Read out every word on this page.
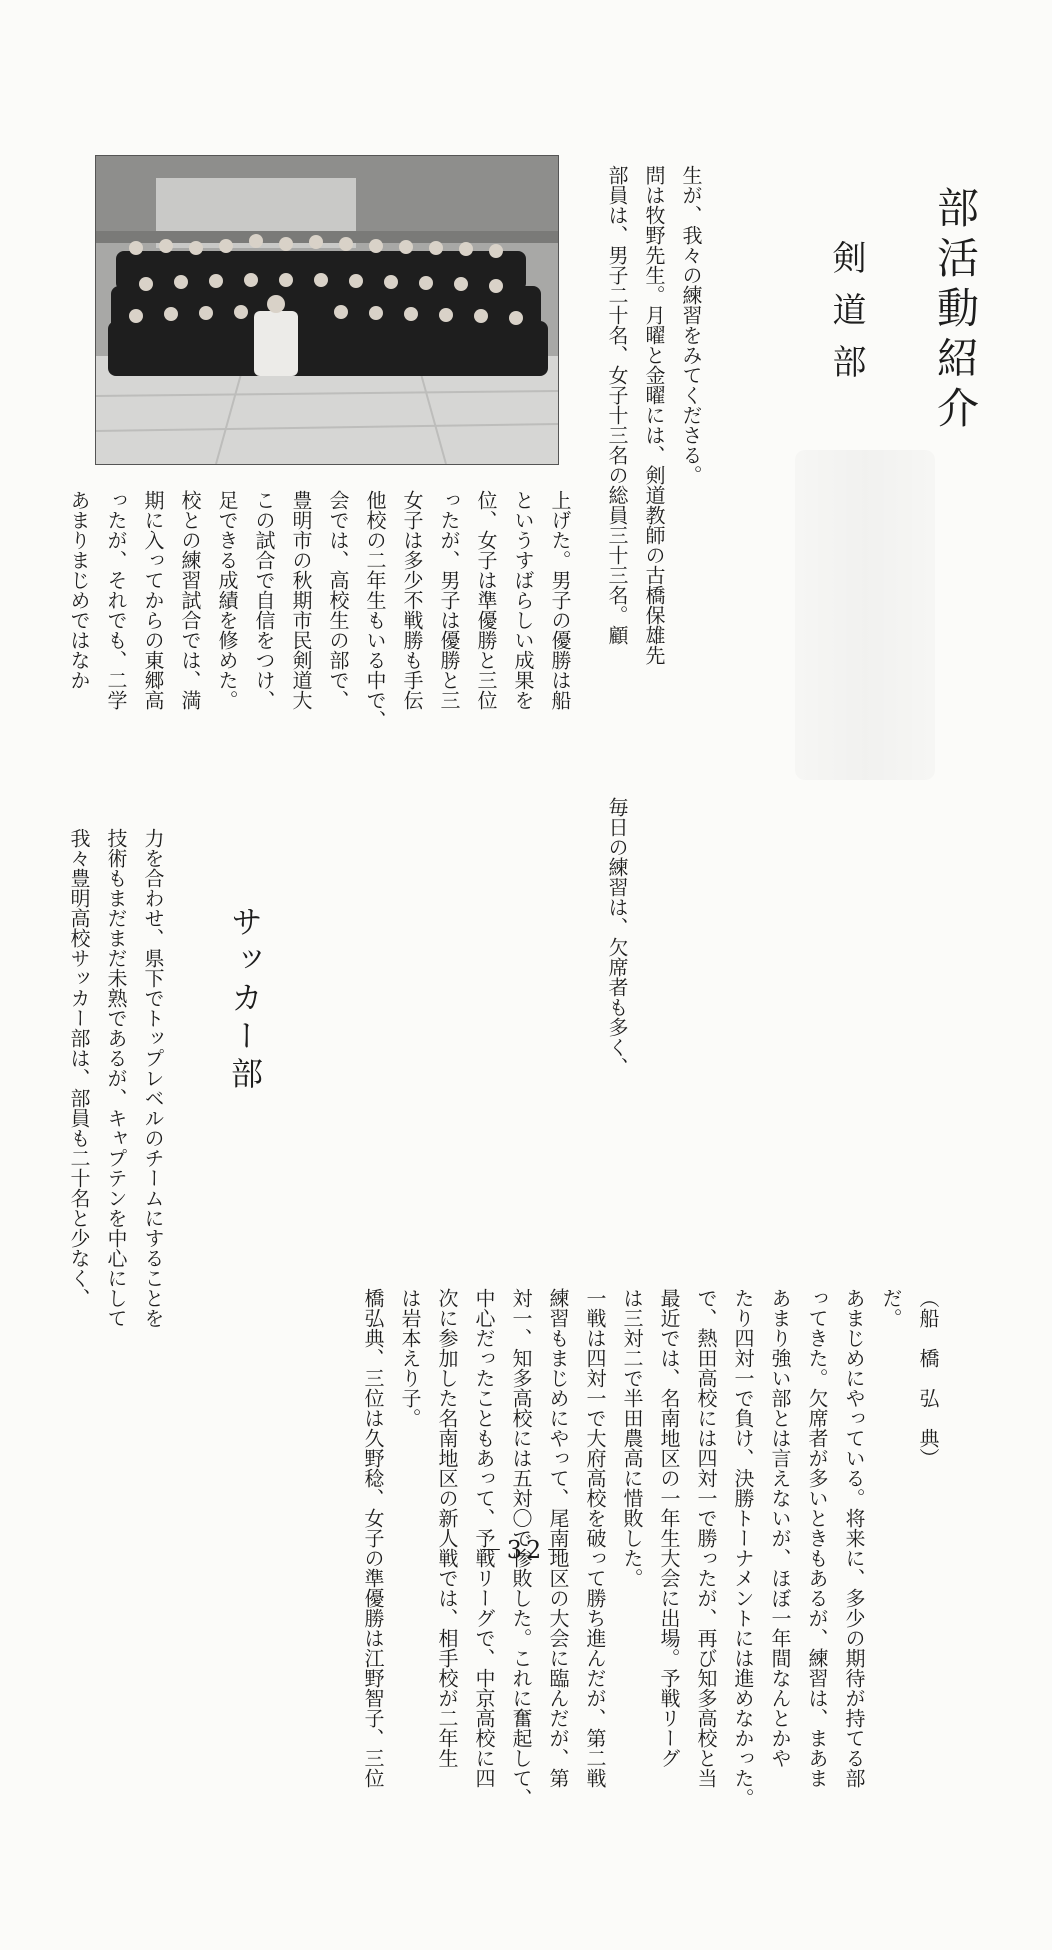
部活動紹介
剣道部
部員は、男子二十名、女子十三名の総員三十三名。顧 問は牧野先生。月曜と金曜には、剣道教師の古橋保雄先 生が、我々の練習をみてくださる。毎日の練習は、欠席者も多く、
あまりまじめではなか ったが、それでも、二学 期に入ってからの東郷高 校との練習試合では、満 足できる成績を修めた。 この試合で自信をつけ、 豊明市の秋期市民剣道大 会では、高校生の部で、 他校の二年生もいる中で、 女子は多少不戦勝も手伝 ったが、男子は優勝と三 位、女子は準優勝と三位 というすばらしい成果を 上げた。男子の優勝は船
橋弘典、三位は久野稔、女子の準優勝は江野智子、三位 は岩本えり子。 次に参加した名南地区の新人戦では、相手校が二年生 中心だったこともあって、予戦リーグで、中京高校に四 対一、知多高校には五対〇で惨敗した。これに奮起して、 練習もまじめにやって、尾南地区の大会に臨んだが、第 一戦は四対一で大府高校を破って勝ち進んだが、第二戦 は三対二で半田農高に惜敗した。 最近では、名南地区の一年生大会に出場。予戦リーグ で、熱田高校には四対一で勝ったが、再び知多高校と当 たり四対一で負け、決勝トーナメントには進めなかった。 あまり強い部とは言えないが、ほぼ一年間なんとかや ってきた。欠席者が多いときもあるが、練習は、まあま あまじめにやっている。将来に、多少の期待が持てる部 だ。 （船　橋　弘　典）
サッカー部
我々豊明高校サッカー部は、部員も二十名と少なく、 技術もまだまだ未熟であるが、キャプテンを中心にして 力を合わせ、県下でトップレベルのチームにすることを
－32－
